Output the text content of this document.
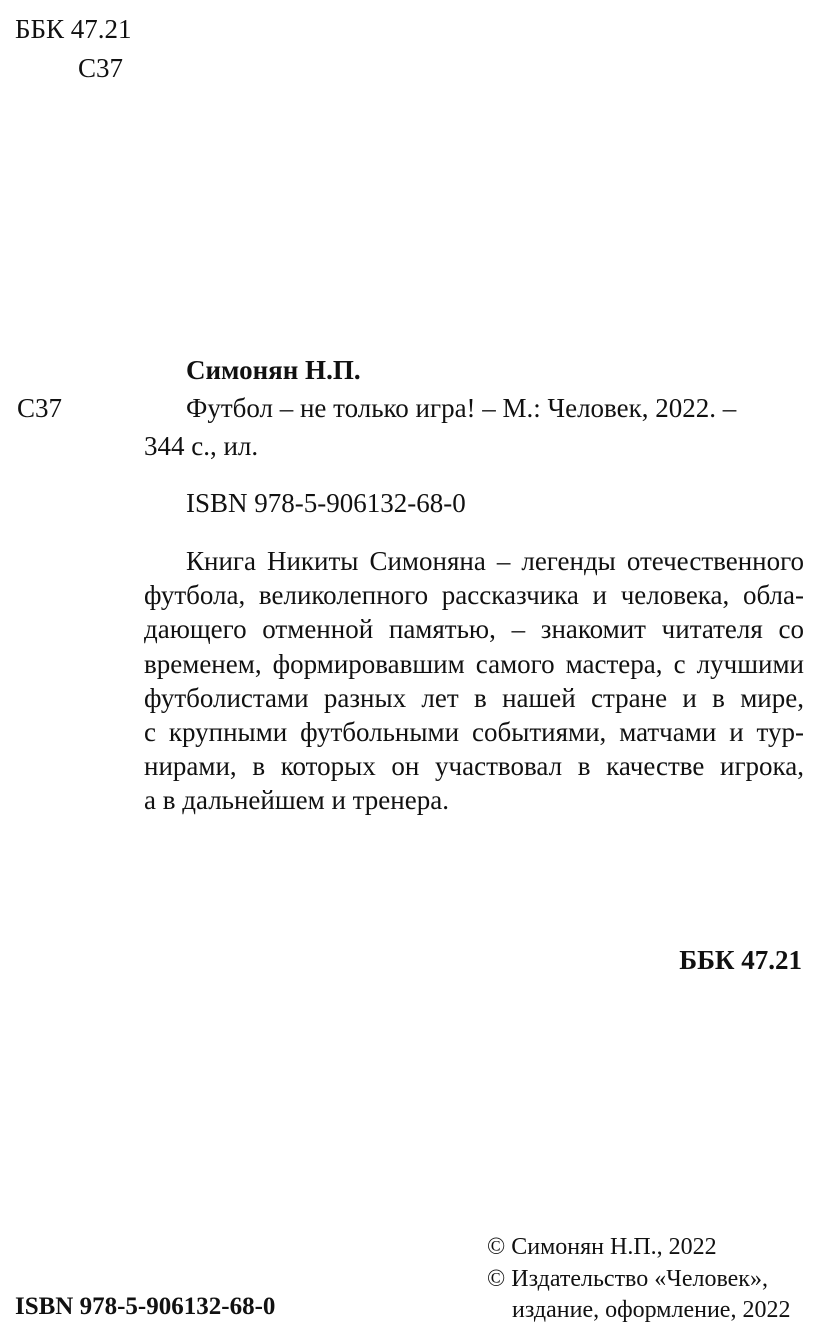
ББК 47.21
С37
Симонян Н.П.
С37	Футбол – не только игра! – М.: Человек, 2022. –
344 с., ил.
ISBN 978-5-906132-68-0
Книга Никиты Симоняна – легенды отечественного
футбола, великолепного рассказчика и человека, обла-
дающего отменной памятью, – знакомит читателя со
временем, формировавшим самого мастера, с лучшими
футболистами разных лет в нашей стране и в мире,
с крупными футбольными событиями, матчами и тур-
нирами, в которых он участвовал в качестве игрока,
а в дальнейшем и тренера.
ББК 47.21
© Симонян Н.П., 2022
© Издательство «Человек»,
издание, оформление, 2022
ISBN 978-5-906132-68-0
